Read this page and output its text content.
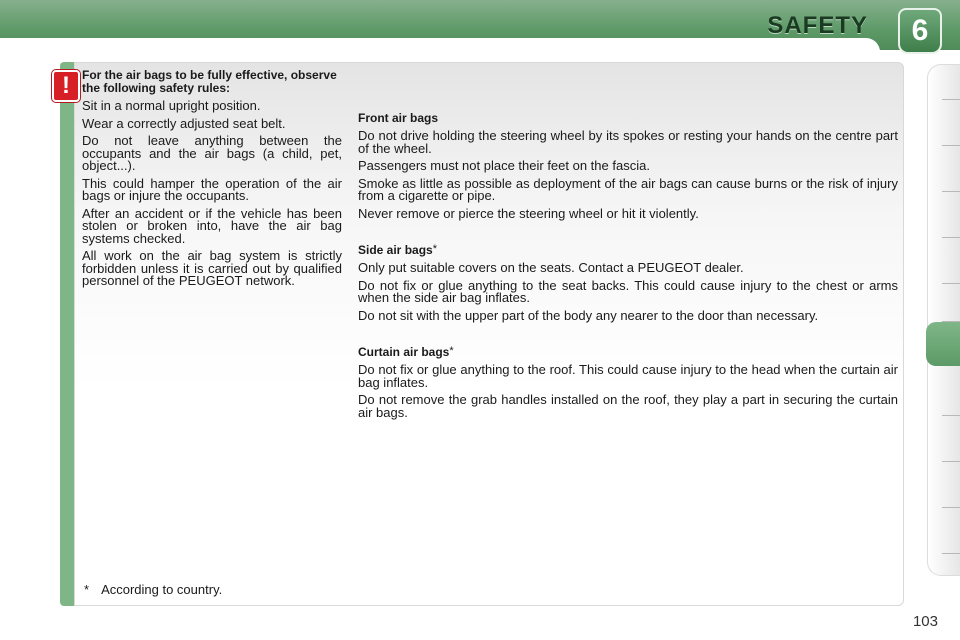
SAFETY	6
!	For the air bags to be fully effective, observe the following safety rules:

Sit in a normal upright position.

Wear a correctly adjusted seat belt.

Do not leave anything between the occupants and the air bags (a child, pet, object...).

This could hamper the operation of the air bags or injure the occupants.

After an accident or if the vehicle has been stolen or broken into, have the air bag systems checked.

All work on the air bag system is strictly forbidden unless it is carried out by qualified personnel of the PEUGEOT network.

Front air bags

Do not drive holding the steering wheel by its spokes or resting your hands on the centre part of the wheel.

Passengers must not place their feet on the fascia.

Smoke as little as possible as deployment of the air bags can cause burns or the risk of injury from a cigarette or pipe.

Never remove or pierce the steering wheel or hit it violently.

Side air bags*

Only put suitable covers on the seats. Contact a PEUGEOT dealer.

Do not fix or glue anything to the seat backs. This could cause injury to the chest or arms when the side air bag inflates.

Do not sit with the upper part of the body any nearer to the door than necessary.

Curtain air bags*

Do not fix or glue anything to the roof. This could cause injury to the head when the curtain air bag inflates.

Do not remove the grab handles installed on the roof, they play a part in securing the curtain air bags.

* According to country.
103
